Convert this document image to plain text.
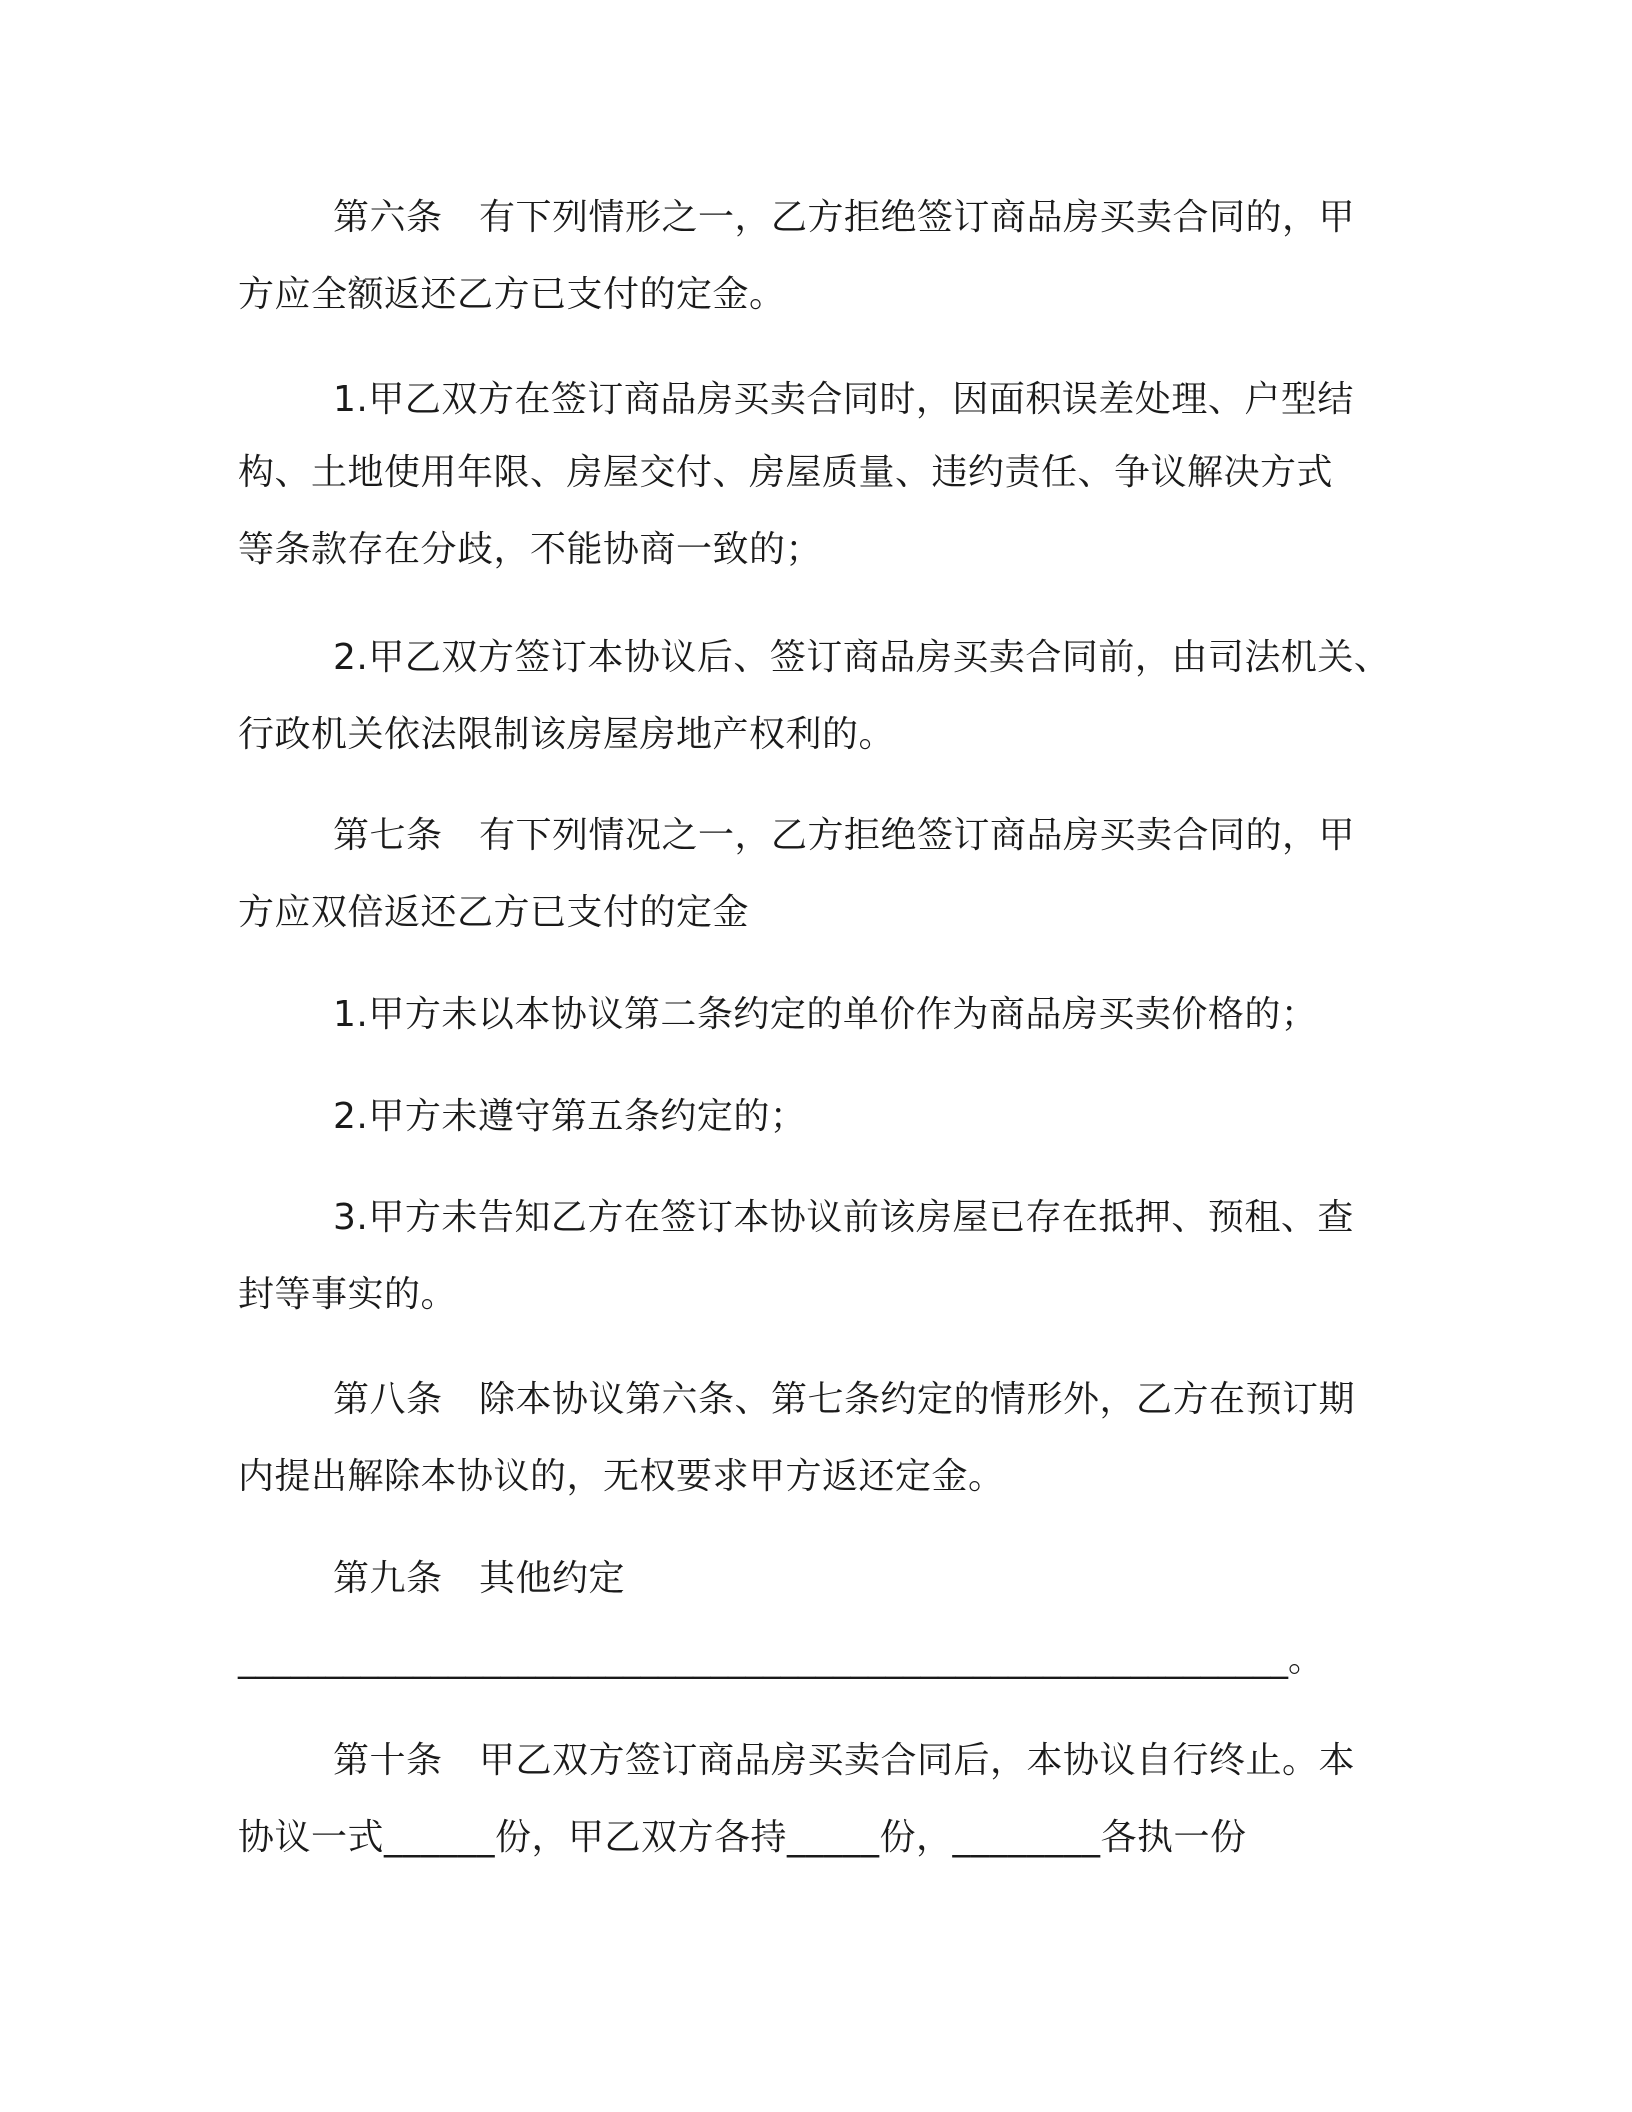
第六条　有下列情形之一，乙方拒绝签订商品房买卖合同的，甲
方应全额返还乙方已支付的定金。
1.甲乙双方在签订商品房买卖合同时，因面积误差处理、户型结
构、土地使用年限、房屋交付、房屋质量、违约责任、争议解决方式
等条款存在分歧，不能协商一致的；
2.甲乙双方签订本协议后、签订商品房买卖合同前，由司法机关、
行政机关依法限制该房屋房地产权利的。
第七条　有下列情况之一，乙方拒绝签订商品房买卖合同的，甲
方应双倍返还乙方已支付的定金
1.甲方未以本协议第二条约定的单价作为商品房买卖价格的；
2.甲方未遵守第五条约定的；
3.甲方未告知乙方在签订本协议前该房屋已存在抵押、预租、查
封等事实的。
第八条　除本协议第六条、第七条约定的情形外，乙方在预订期
内提出解除本协议的，无权要求甲方返还定金。
第九条　其他约定
____________________________________________________________。
第十条　甲乙双方签订商品房买卖合同后，本协议自行终止。本
协议一式______份，甲乙双方各持_____份，________各执一份
